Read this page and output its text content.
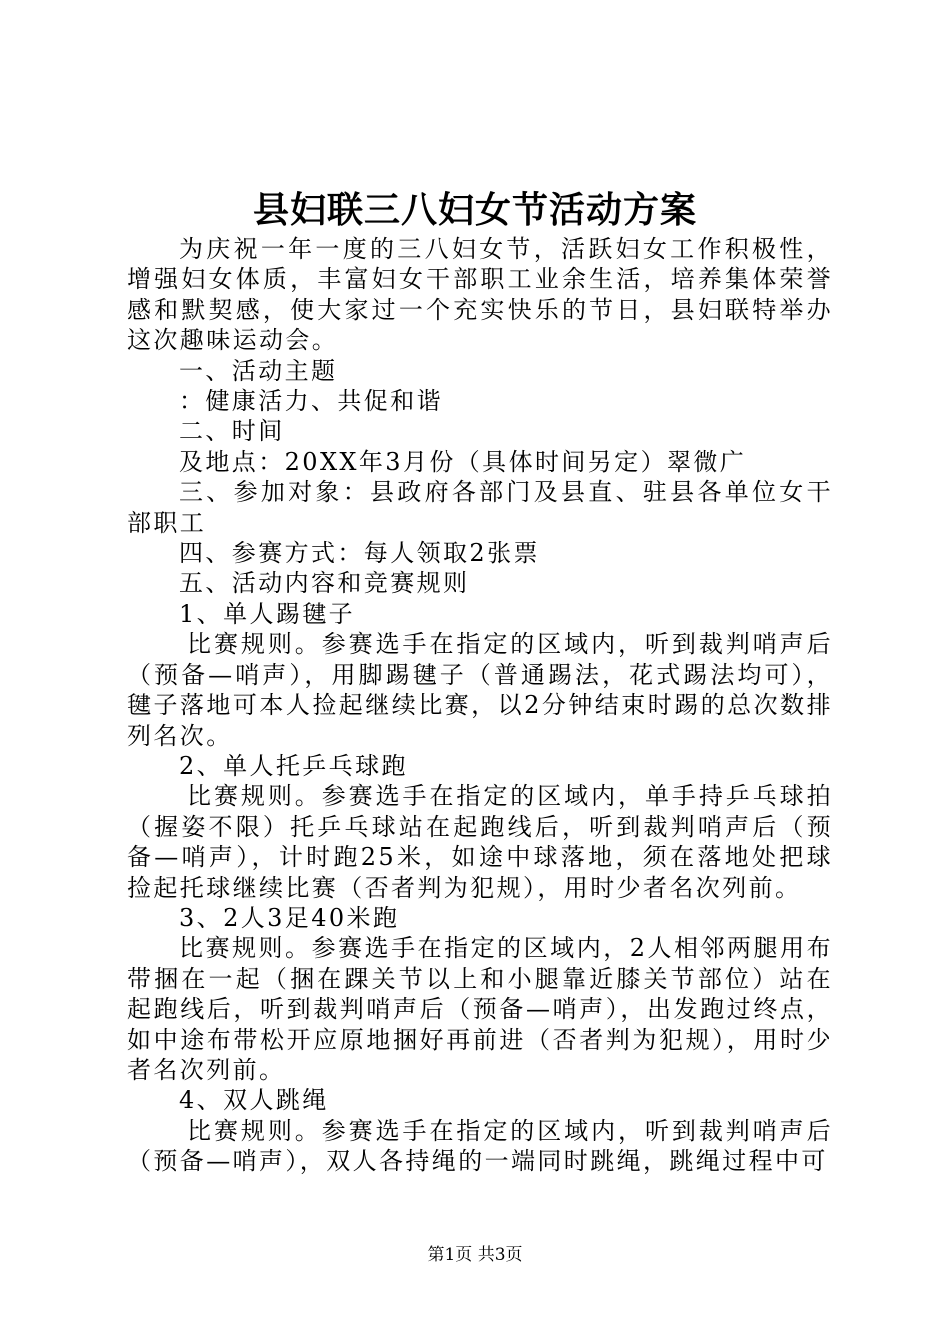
县妇联三八妇女节活动方案

为庆祝一年一度的三八妇女节，活跃妇女工作积极性，增强妇女体质，丰富妇女干部职工业余生活，培养集体荣誉感和默契感，使大家过一个充实快乐的节日，县妇联特举办这次趣味运动会。

一、活动主题

：健康活力、共促和谐

二、时间

及地点：20XX年3月份（具体时间另定）翠微广

三、参加对象：县政府各部门及县直、驻县各单位女干部职工

四、参赛方式：每人领取2张票

五、活动内容和竞赛规则

1、单人踢毽子

比赛规则。参赛选手在指定的区域内，听到裁判哨声后（预备—哨声），用脚踢毽子（普通踢法，花式踢法均可），毽子落地可本人捡起继续比赛，以2分钟结束时踢的总次数排列名次。

2、单人托乒乓球跑

比赛规则。参赛选手在指定的区域内，单手持乒乓球拍（握姿不限）托乒乓球站在起跑线后，听到裁判哨声后（预备—哨声），计时跑25米，如途中球落地，须在落地处把球捡起托球继续比赛（否者判为犯规），用时少者名次列前。

3、2人3足40米跑

比赛规则。参赛选手在指定的区域内，2人相邻两腿用布带捆在一起（捆在踝关节以上和小腿靠近膝关节部位）站在起跑线后，听到裁判哨声后（预备—哨声），出发跑过终点，如中途布带松开应原地捆好再前进（否者判为犯规），用时少者名次列前。

4、双人跳绳

比赛规则。参赛选手在指定的区域内，听到裁判哨声后（预备—哨声），双人各持绳的一端同时跳绳，跳绳过程中可

第1页 共3页
